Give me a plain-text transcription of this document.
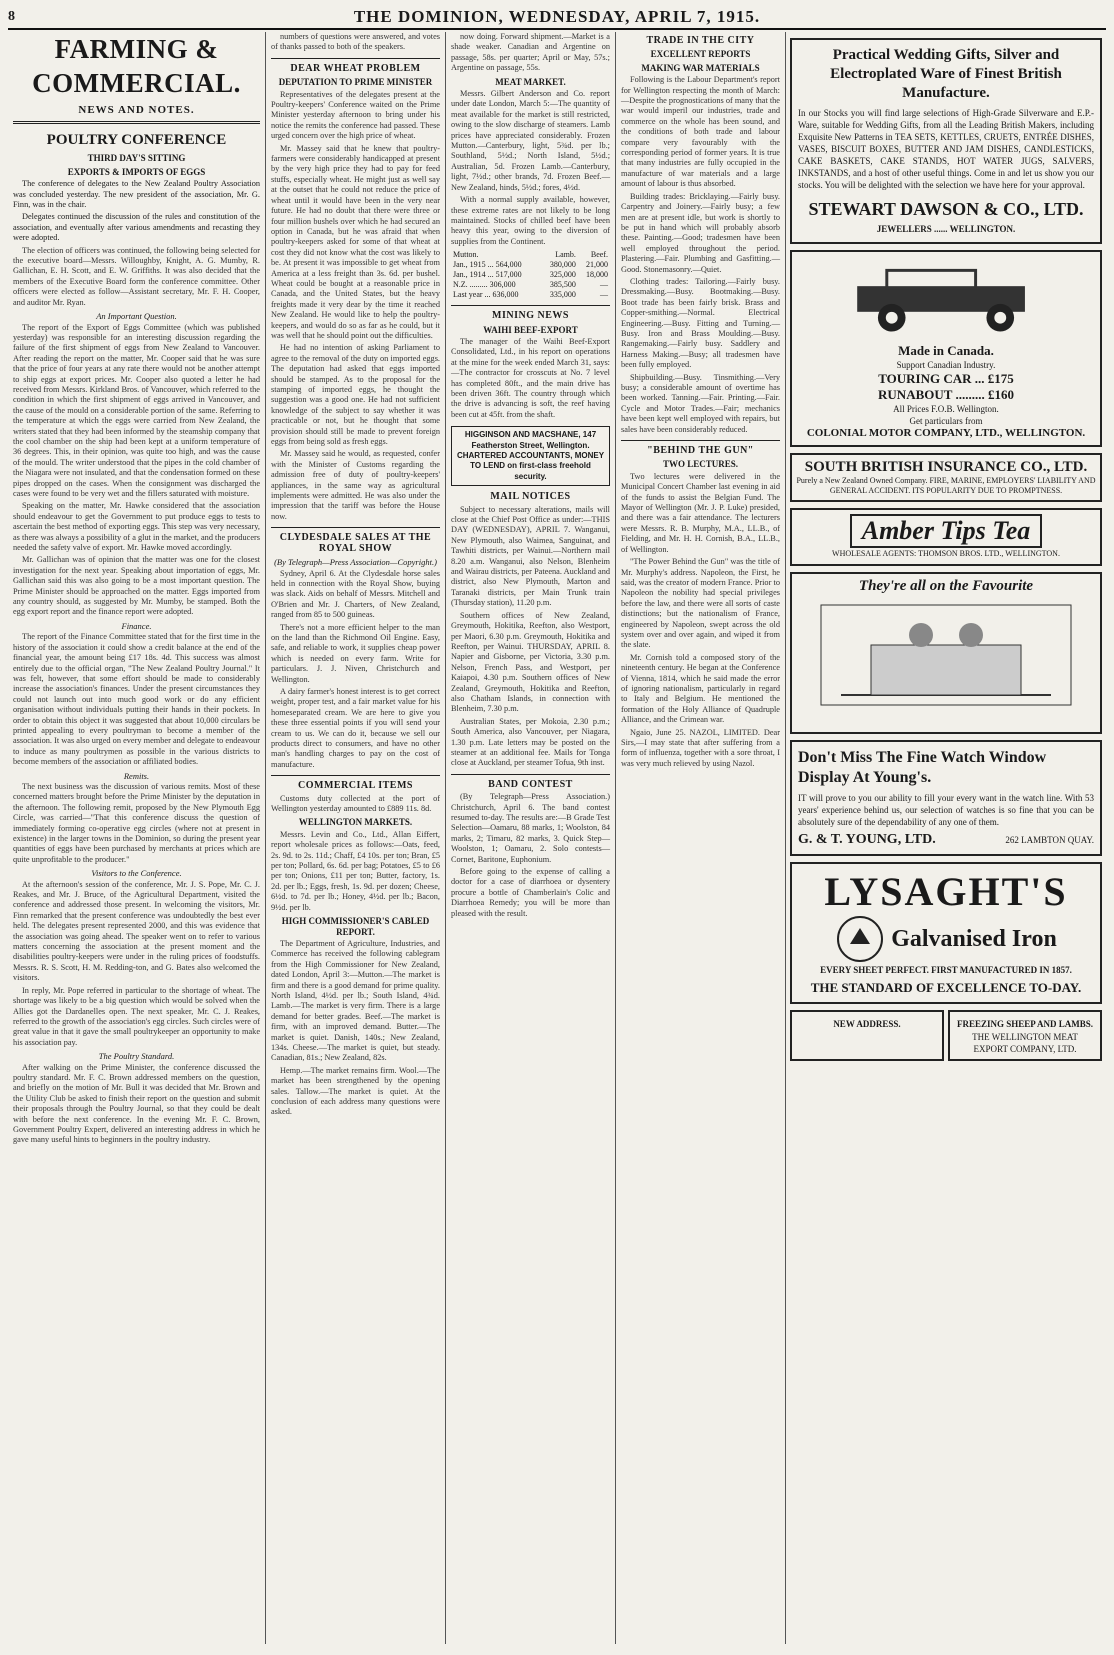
8	THE DOMINION, WEDNESDAY, APRIL 7, 1915.
FARMING & COMMERCIAL.
NEWS AND NOTES.
POULTRY CONFERENCE
THIRD DAY'S SITTING
EXPORTS & IMPORTS OF EGGS

The conference of delegates to the New Zealand Poultry Association was concluded yesterday. The new president of the association, Mr. G. Finn, was in the chair.

Delegates continued the discussion of the rules and constitution of the association, and eventually after various amendments and recasting they were adopted.

The election of officers was continued, the following being selected for the executive board—Messrs. Willoughby, Knight, A. G. Mumby, R. Gallichan, E. H. Scott, and E. W. Griffiths. It was also decided that the members of the Executive Board form the conference committee. Other officers were elected as follow—Assistant secretary, Mr. F. H. Cooper, and auditor Mr. Ryan.

An Important Question.

The report of the Export of Eggs Committee (which was published yesterday) was responsible for an interesting discussion regarding the failure of the first shipment of eggs from New Zealand to Vancouver. After reading the report on the matter, Mr. Cooper said that he was sure that the price of four years at any rate there would not be another attempt to ship eggs at export prices. Mr. Cooper also quoted a letter he had received from Messrs. Kirkland Bros. of Vancouver, which referred to the condition in which the first shipment of eggs arrived in Vancouver, and the cause of the mould on a considerable portion of the same. Referring to the temperature at which the eggs were carried from New Zealand, the writers stated that they had been informed by the steamship company that the cool chamber on the ship had been kept at a uniform temperature of 36 degrees. This, in their opinion, was quite too high, and was the cause of the mould. The writer understood that the pipes in the cold chamber of the Niagara were not insulated, and that the condensation formed on these pipes dropped on the cases. When the consignment was discharged the cases were found to be very wet and the fillers saturated with moisture.

Speaking on the matter, Mr. Hawke considered that the association should endeavour to get the Government to put produce eggs to tests to ascertain the best method of exporting eggs. This step was very necessary, as there was always a possibility of a glut in the market, and the producers needed the safety valve of export. Mr. Hawke moved accordingly.

Mr. Gallichan was of opinion that the matter was one for the closest investigation for the next year. Speaking about importation of eggs, Mr. Gallichan said this was also going to be a most important question. The Prime Minister should be approached on the matter. Eggs imported from any country should, as suggested by Mr. Mumby, be stamped. Both the egg export report and the finance report were adopted.

Finance.

The report of the Finance Committee stated that for the first time in the history of the association it could show a credit balance at the end of the financial year, the amount being £17 18s. 4d. This success was almost entirely due to the official organ, "The New Zealand Poultry Journal." It was felt, however, that some effort should be made to considerably increase the association's finances. Under the present circumstances they could not launch out into much good work or do any efficient organisation without individuals putting their hands in their pockets. In order to obtain this object it was suggested that about 10,000 circulars be printed appealing to every poultryman to become a member of the association. It was also urged on every member and delegate to endeavour to induce as many poultrymen as possible in the various districts to become members of the association or affiliated bodies.

Remits.

The next business was the discussion of various remits. Most of these concerned matters brought before the Prime Minister by the deputation in the afternoon. The following remit, proposed by the New Plymouth Egg Circle, was carried—"That this conference discuss the question of immediately forming co-operative egg circles (where not at present in existence) in the larger towns in the Dominion, so during the present year quantities of eggs have been purchased by merchants at prices which are quite unprofitable to the producer."

Visitors to the Conference.

At the afternoon's session of the conference, Mr. J. S. Pope, Mr. C. J. Reakes, and Mr. J. Bruce, of the Agricultural Department, visited the conference and addressed those present. In welcoming the visitors, Mr. Finn remarked that the present conference was undoubtedly the best ever held. The delegates present represented 2000, and this was evidence that the association was going ahead. The speaker went on to refer to various matters concerning the association at the present moment and the disabilities poultry-keepers were under in the ruling prices of foodstuffs. Messrs. R. S. Scott, H. M. Redding-ton, and G. Bates also welcomed the visitors.

In reply, Mr. Pope referred in particular to the shortage of wheat. The shortage was likely to be a big question which would be solved when the Allies got the Dardanelles open. The next speaker, Mr. C. J. Reakes, referred to the growth of the association's egg circles. Such circles were of great value in that it gave the small poultrykeeper an opportunity to make his association pay.

The Poultry Standard.

After walking on the Prime Minister, the conference discussed the poultry standard. Mr. F. C. Brown addressed members on the question, and briefly on the motion of Mr. Bull it was decided that Mr. Brown and the Utility Club be asked to finish their report on the question and submit their proposals through the Poultry Journal, so that they could be dealt with before the next conference. In the evening Mr. F. C. Brown, Government Poultry Expert, delivered an interesting address in which he gave many useful hints to beginners in the poultry industry.

numbers of questions were answered, and votes of thanks passed to both of the speakers.

DEAR WHEAT PROBLEM
DEPUTATION TO PRIME MINISTER

Representatives of the delegates present at the Poultry-keepers' Conference waited on the Prime Minister yesterday afternoon to bring under his notice the remits the conference had passed. These urged concern over the high price of wheat.

Mr. Massey said that he knew that poultry-farmers were considerably handicapped at present by the very high price they had to pay for feed stuffs, especially wheat. He might just as well say at the outset that he could not reduce the price of wheat until it would have been in the very near future. He had no doubt that there were three or four million bushels over which he had secured an option in Canada, but he was afraid that when poultry-keepers asked for some of that wheat at cost they did not know what the cost was likely to be. At present it was impossible to get wheat from America at a less freight than 3s. 6d. per bushel. Wheat could be bought at a reasonable price in Canada, and the United States, but the heavy freights made it very dear by the time it reached New Zealand. He would like to help the poultry-keepers, and would do so as far as he could, but it was well that he should point out the difficulties.

He had no intention of asking Parliament to agree to the removal of the duty on imported eggs. The deputation had asked that eggs imported should be stamped. As to the proposal for the stamping of imported eggs, he thought the suggestion was a good one. He had not sufficient knowledge of the subject to say whether it was practicable or not, but he thought that some provision should still be made to prevent foreign eggs from being sold as fresh eggs.

Mr. Massey said he would, as requested, confer with the Minister of Customs regarding the admission free of duty of poultry-keepers' appliances, in the same way as agricultural implements were admitted. He was also under the impression that the tariff was before the House now.

CLYDESDALE SALES AT THE ROYAL SHOW
(By Telegraph—Press Association—Copyright.)

Sydney, April 6. At the Clydesdale horse sales held in connection with the Royal Show, buying was slack. Aids on behalf of Messrs. Mitchell and O'Brien and Mr. J. Charters, of New Zealand, ranged from 85 to 500 guineas.

There's not a more efficient helper to the man on the land than the Richmond Oil Engine. Easy, safe, and reliable to work, it supplies cheap power which is needed on every farm. Write for particulars. J. J. Niven, Christchurch and Wellington.

A dairy farmer's honest interest is to get correct weight, proper test, and a fair market value for his homeseparated cream. We are here to give you these three essential points if you will send your cream to us. We can do it, because we sell our products direct to consumers, and have no other man's handling charges to pay on the cost of manufacture.

COMMERCIAL ITEMS

Customs duty collected at the port of Wellington yesterday amounted to £889 11s. 8d.

WELLINGTON MARKETS.

Messrs. Levin and Co., Ltd., Allan Eiffert, report wholesale prices as follows:—Oats, feed, 2s. 9d. to 2s. 11d.; Chaff, £4 10s. per ton; Bran, £5 per ton; Pollard, 6s. 6d. per bag; Potatoes, £5 to £6 per ton; Onions, £11 per ton; Butter, factory, 1s. 2d. per lb.; Eggs, fresh, 1s. 9d. per dozen; Cheese, 6½d. to 7d. per lb.; Honey, 4½d. per lb.; Bacon, 9½d. per lb.

HIGH COMMISSIONER'S CABLED REPORT.

The Department of Agriculture, Industries, and Commerce has received the following cablegram from the High Commissioner for New Zealand, dated London, April 3:—Mutton.—The market is firm and there is a good demand for prime quality. North Island, 4½d. per lb.; South Island, 4¾d. Lamb.—The market is very firm. There is a large demand for better grades. Beef.—The market is firm, with an improved demand. Butter.—The market is quiet. Danish, 140s.; New Zealand, 134s. Cheese.—The market is quiet, but steady. Canadian, 81s.; New Zealand, 82s.

Hemp.—The market remains firm. Wool.—The market has been strengthened by the opening sales. Tallow.—The market is quiet. At the conclusion of each address many questions were asked.

now doing. Forward shipment.—Market is a shade weaker. Canadian and Argentine on passage, 58s. per quarter; April or May, 57s.; Argentine on passage, 55s.

MEAT MARKET.

Messrs. Gilbert Anderson and Co. report under date London, March 5:—The quantity of meat available for the market is still restricted, owing to the slow discharge of steamers. Lamb prices have appreciated considerably. Frozen Mutton.—Canterbury, light, 5¾d. per lb.; Southland, 5½d.; North Island, 5½d.; Australian, 5d. Frozen Lamb.—Canterbury, light, 7½d.; other brands, 7d. Frozen Beef.—New Zealand, hinds, 5½d.; fores, 4½d.

With a normal supply available, however, these extreme rates are not likely to be long maintained. Stocks of chilled beef have been heavy this year, owing to the diversion of supplies from the Continent.

Mutton.	Lamb.	Beef.
Jan., 1915 ... 564,000	380,000	21,000
Jan., 1914 ... 517,000	325,000	18,000
N.Z. ......... 306,000	385,500	—
Last year ... 636,000	335,000	—
MINING NEWS
WAIHI BEEF-EXPORT

The manager of the Waihi Beef-Export Consolidated, Ltd., in his report on operations at the mine for the week ended March 31, says:—The contractor for crosscuts at No. 7 level has completed 80ft., and the main drive has been driven 36ft. The country through which the drive is advancing is soft, the reef having been cut at 45ft. from the shaft.

HIGGINSON AND MACSHANE, 147 Featherston Street, Wellington. CHARTERED ACCOUNTANTS, MONEY TO LEND on first-class freehold security.
MAIL NOTICES

Subject to necessary alterations, mails will close at the Chief Post Office as under:—THIS DAY (WEDNESDAY), APRIL 7. Wanganui, New Plymouth, also Waimea, Sanguinat, and Tawhiti districts, per Wainui.—Northern mail 8.20 a.m. Wanganui, also Nelson, Blenheim and Wairau districts, per Pateena. Auckland and district, also New Plymouth, Marton and Taranaki districts, per Main Trunk train (Thursday station), 11.20 p.m.

Southern offices of New Zealand, Greymouth, Hokitika, Reefton, also Westport, per Maori, 6.30 p.m. Greymouth, Hokitika and Reefton, per Wainui. THURSDAY, APRIL 8. Napier and Gisborne, per Victoria, 3.30 p.m. Nelson, French Pass, and Westport, per Kaiapoi, 4.30 p.m. Southern offices of New Zealand, Greymouth, Hokitika and Reefton, also Chatham Islands, in connection with Blenheim, 7.30 p.m.

Australian States, per Mokoia, 2.30 p.m.; South America, also Vancouver, per Niagara, 1.30 p.m. Late letters may be posted on the steamer at an additional fee. Mails for Tonga close at Auckland, per steamer Tofua, 9th inst.

BAND CONTEST

(By Telegraph—Press Association.) Christchurch, April 6. The band contest resumed to-day. The results are:—B Grade Test Selection—Oamaru, 88 marks, 1; Woolston, 84 marks, 2; Timaru, 82 marks, 3. Quick Step—Woolston, 1; Oamaru, 2. Solo contests—Cornet, Baritone, Euphonium.

Before going to the expense of calling a doctor for a case of diarrhoea or dysentery procure a bottle of Chamberlain's Colic and Diarrhoea Remedy; you will be more than pleased with the result.

TRADE IN THE CITY
EXCELLENT REPORTS
MAKING WAR MATERIALS

Following is the Labour Department's report for Wellington respecting the month of March:—Despite the prognostications of many that the war would imperil our industries, trade and commerce on the whole has been sound, and the conditions of both trade and labour compare very favourably with the corresponding period of former years. It is true that many industries are fully occupied in the manufacture of war materials and a large amount of labour is thus absorbed.

Building trades: Bricklaying.—Fairly busy. Carpentry and Joinery.—Fairly busy; a few men are at present idle, but work is shortly to be put in hand which will probably absorb these. Painting.—Good; tradesmen have been well employed throughout the period. Plastering.—Fair. Plumbing and Gasfitting.—Good. Stonemasonry.—Quiet.

Clothing trades: Tailoring.—Fairly busy. Dressmaking.—Busy. Bootmaking.—Busy. Boot trade has been fairly brisk. Brass and Copper-smithing.—Normal. Electrical Engineering.—Busy. Fitting and Turning.—Busy. Iron and Brass Moulding.—Busy. Rangemaking.—Fairly busy. Saddlery and Harness Making.—Busy; all tradesmen have been fully employed.

Shipbuilding.—Busy. Tinsmithing.—Very busy; a considerable amount of overtime has been worked. Tanning.—Fair. Printing.—Fair. Cycle and Motor Trades.—Fair; mechanics have been kept well employed with repairs, but sales have been considerably reduced.

"BEHIND THE GUN"
TWO LECTURES.

Two lectures were delivered in the Municipal Concert Chamber last evening in aid of the funds to assist the Belgian Fund. The Mayor of Wellington (Mr. J. P. Luke) presided, and there was a fair attendance. The lecturers were Messrs. R. B. Murphy, M.A., LL.B., of Fielding, and Mr. H. H. Cornish, B.A., LL.B., of Wellington.

"The Power Behind the Gun" was the title of Mr. Murphy's address. Napoleon, the First, he said, was the creator of modern France. Prior to Napoleon the nobility had special privileges before the law, and there were all sorts of caste distinctions; but the nationalism of France, engineered by Napoleon, swept across the old system over and over again, and wiped it from the slate.

Mr. Cornish told a composed story of the nineteenth century. He began at the Conference of Vienna, 1814, which he said made the error of ignoring nationalism, particularly in regard to Italy and Belgium. He mentioned the formation of the Holy Alliance of Quadruple Alliance, and the Crimean war.

Ngaio, June 25. NAZOL, LIMITED. Dear Sirs,—I may state that after suffering from a form of influenza, together with a sore throat, I was very much relieved by using Nazol.

Practical Wedding Gifts, Silver and Electroplated Ware of Finest British Manufacture.
In our Stocks you will find large selections of High-Grade Silverware and E.P.-Ware, suitable for Wedding Gifts, from all the Leading British Makers, including Exquisite New Patterns in TEA SETS, KETTLES, CRUETS, ENTRÉE DISHES, VASES, BISCUIT BOXES, BUTTER AND JAM DISHES, CANDLESTICKS, CAKE BASKETS, CAKE STANDS, HOT WATER JUGS, SALVERS, INKSTANDS, and a host of other useful things. Come in and let us show you our stocks. You will be delighted with the selection we have here for your approval.
STEWART DAWSON & CO., LTD.
JEWELLERS ...... WELLINGTON.
Made in Canada.
Support Canadian Industry.
TOURING CAR ... £175
RUNABOUT ......... £160
All Prices F.O.B. Wellington.
Get particulars from
COLONIAL MOTOR COMPANY, LTD., WELLINGTON.
SOUTH BRITISH INSURANCE CO., LTD.
Purely a New Zealand Owned Company. FIRE, MARINE, EMPLOYERS' LIABILITY AND GENERAL ACCIDENT. ITS POPULARITY DUE TO PROMPTNESS.
Amber Tips Tea
WHOLESALE AGENTS: THOMSON BROS. LTD., WELLINGTON.
They're all on the Favourite
Don't Miss The Fine Watch Window Display At Young's.
IT will prove to you our ability to fill your every want in the watch line. With 53 years' experience behind us, our selection of watches is so fine that you can be absolutely sure of the dependability of any one of them.
G. & T. YOUNG, LTD.	262 LAMBTON QUAY.
LYSAGHT'S
Galvanised Iron
EVERY SHEET PERFECT. FIRST MANUFACTURED IN 1857.
THE STANDARD OF EXCELLENCE TO-DAY.
NEW ADDRESS.	FREEZING SHEEP AND LAMBS.
THE WELLINGTON MEAT EXPORT COMPANY, LTD.
